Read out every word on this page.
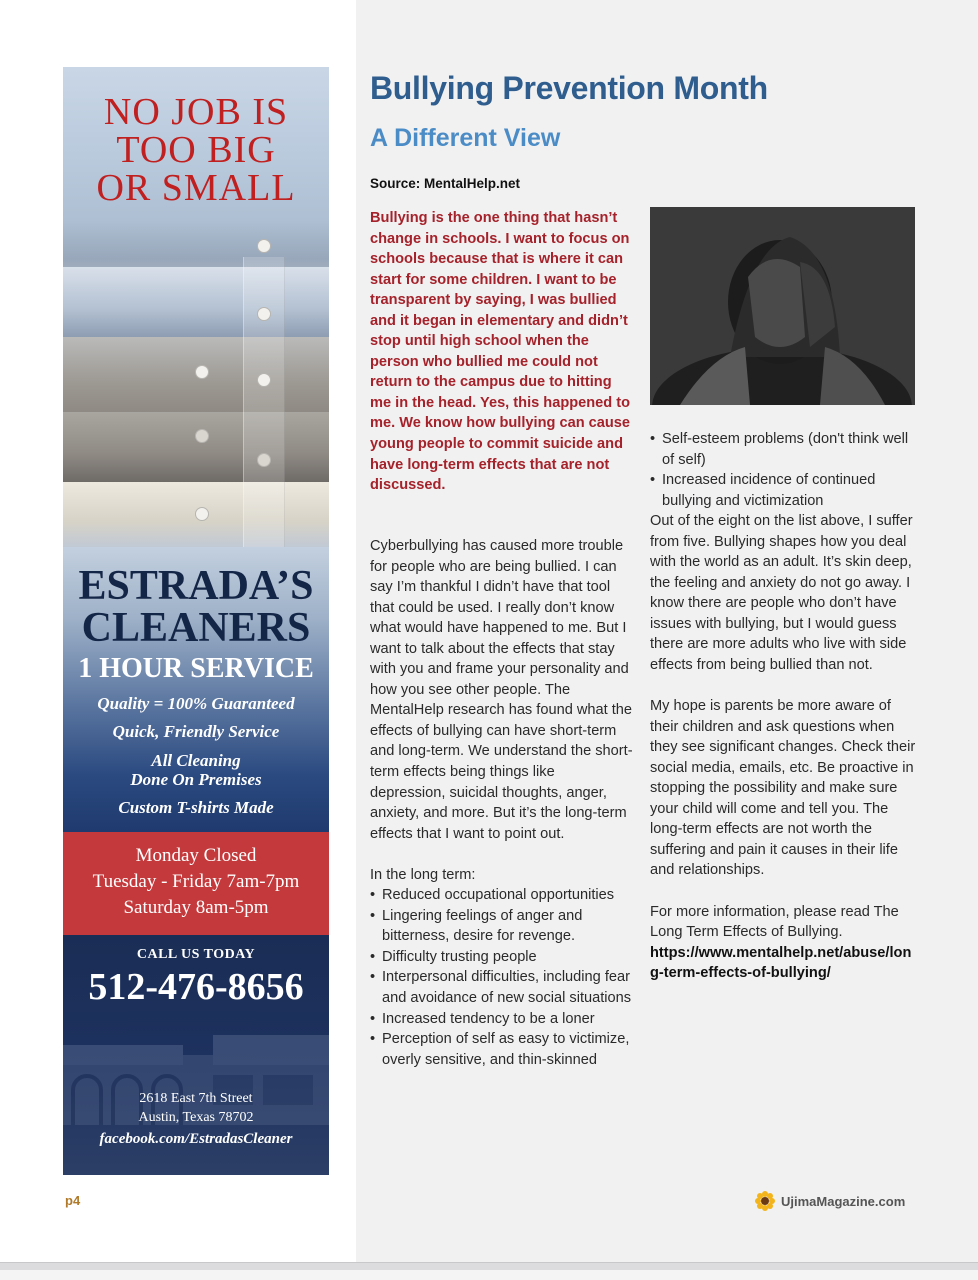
NO JOB IS
TOO BIG
OR SMALL
ESTRADA’S
CLEANERS
1 HOUR SERVICE
Quality = 100% Guaranteed
Quick, Friendly Service
All Cleaning
Done On Premises
Custom T-shirts Made
Monday Closed
Tuesday - Friday 7am-7pm
Saturday 8am-5pm
CALL US TODAY
512-476-8656
2618 East 7th Street
Austin, Texas 78702
facebook.com/EstradasCleaner
Bullying Prevention Month
A Different View
Source: MentalHelp.net
Bullying is the one thing that hasn’t change in schools. I want to focus on schools because that is where it can start for some children. I want to be transparent by saying, I was bullied and it began in elementary and didn’t stop until high school when the person who bullied me could not return to the campus due to hitting me in the head. Yes, this happened to me. We know how bullying can cause young people to commit suicide and have long-term effects that are not discussed.

Cyberbullying has caused more trouble for people who are being bullied. I can say I’m thankful I didn’t have that tool that could be used. I really don’t know what would have happened to me. But I want to talk about the effects that stay with you and frame your personality and how you see other people. The MentalHelp research has found what the effects of bullying can have short-term and long-term. We understand the short-term effects being things like depression, suicidal thoughts, anger, anxiety, and more. But it’s the long-term effects that I want to point out.

In the long term:

• Reduced occupational opportunities
• Lingering feelings of anger and bitterness, desire for revenge.
• Difficulty trusting people
• Interpersonal difficulties, including fear and avoidance of new social situations
• Increased tendency to be a loner
• Perception of self as easy to victimize, overly sensitive, and thin-skinned
• Self-esteem problems (don't think well of self)
• Increased incidence of continued bullying and victimization

Out of the eight on the list above, I suffer from five. Bullying shapes how you deal with the world as an adult. It’s skin deep, the feeling and anxiety do not go away. I know there are people who don’t have issues with bullying, but I would guess there are more adults who live with side effects from being bullied than not.

My hope is parents be more aware of their children and ask questions when they see significant changes. Check their social media, emails, etc. Be proactive in stopping the possibility and make sure your child will come and tell you. The long-term effects are not worth the suffering and pain it causes in their life and relationships.

For more information, please read The Long Term Effects of Bullying.

https://www.mentalhelp.net/abuse/long-term-effects-of-bullying/

p4	UjimaMagazine.com
